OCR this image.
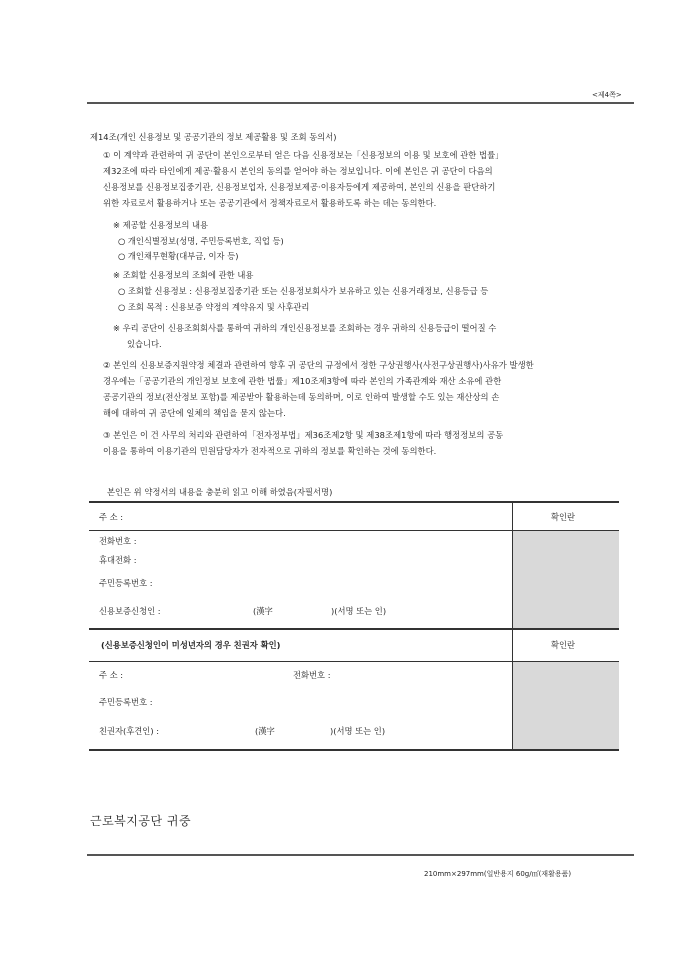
<제4쪽>
제14조(개인 신용정보 및 공공기관의 정보 제공활용 및 조회 동의서)
① 이 계약과 관련하여 귀 공단이 본인으로부터 얻은 다음 신용정보는「신용정보의 이용 및 보호에 관한 법률」
제32조에 따라 타인에게 제공·활용시 본인의 동의를 얻어야 하는 정보입니다. 이에 본인은 귀 공단이 다음의
신용정보를 신용정보집중기관, 신용정보업자, 신용정보제공·이용자등에게 제공하여, 본인의 신용을 판단하기
위한 자료로서 활용하거나 또는 공공기관에서 정책자료로서 활용하도록 하는 데는 동의한다.
※ 제공할 신용정보의 내용
○ 개인식별정보(성명, 주민등록번호, 직업 등)
○ 개인채무현황(대부금, 이자 등)
※ 조회할 신용정보의 조회에 관한 내용
○ 조회할 신용정보 : 신용정보집중기관 또는 신용정보회사가 보유하고 있는 신용거래정보, 신용등급 등
○ 조회 목적 : 신용보증 약정의 계약유지 및 사후관리
※ 우리 공단이 신용조회회사를 통하여 귀하의 개인신용정보를 조회하는 경우 귀하의 신용등급이 떨어질 수
있습니다.
② 본인의 신용보증지원약정 체결과 관련하여 향후 귀 공단의 규정에서 정한 구상권행사(사전구상권행사)사유가 발생한
경우에는「공공기관의 개인정보 보호에 관한 법률」제10조제3항에 따라 본인의 가족관계와 재산 소유에 관한
공공기관의 정보(전산정보 포함)를 제공받아 활용하는데 동의하며, 이로 인하여 발생할 수도 있는 재산상의 손
해에 대하여 귀 공단에 일체의 책임을 묻지 않는다.
③ 본인은 이 건 사무의 처리와 관련하여「전자정부법」제36조제2항 및 제38조제1항에 따라 행정정보의 공동
이용을 통하여 이용기관의 민원담당자가 전자적으로 귀하의 정보를 확인하는 것에 동의한다.
본인은 위 약정서의 내용을 충분히 읽고 이해 하였음(자필서명)
확인란
주 소 :
전화번호 :
휴대전화 :
주민등록번호 :
신용보증신청인 :	(漢字	)(서명 또는 인)
(신용보증신청인이 미성년자의 경우 친권자 확인)	확인란
주 소 :	전화번호 :
주민등록번호 :
친권자(후견인) :	(漢字	)(서명 또는 인)
근로복지공단 귀중
210mm×297mm(일반용지 60g/㎡(재활용품)
